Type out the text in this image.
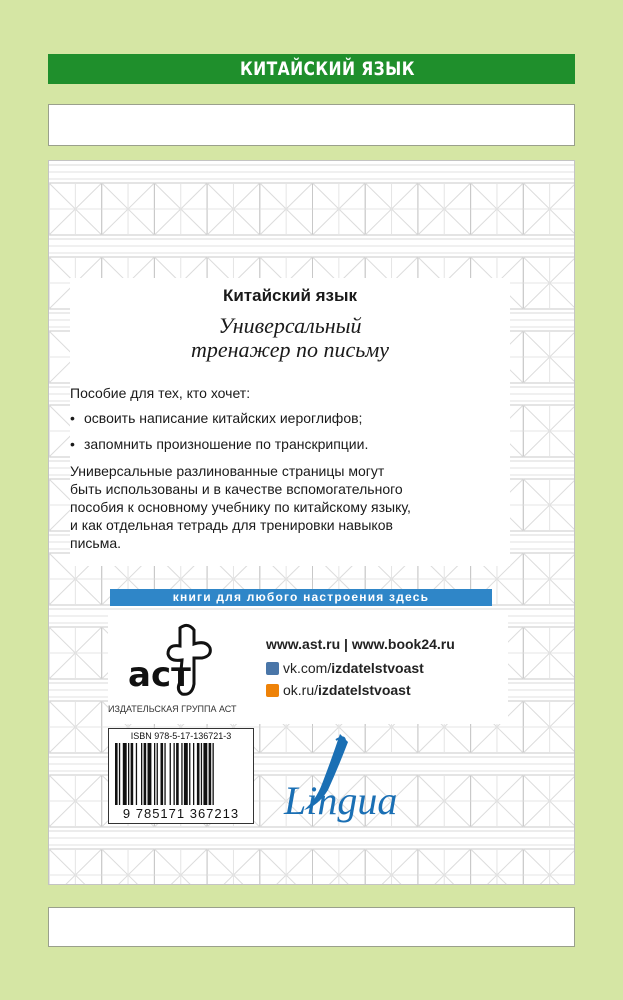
КИТАЙСКИЙ ЯЗЫК
Китайский язык
Универсальный
тренажер по письму
Пособие для тех, кто хочет:
• освоить написание китайских иероглифов;
• запомнить произношение по транскрипции.
Универсальные разлинованные страницы могут
быть использованы и в качестве вспомогательного
пособия к основному учебнику по китайскому языку,
и как отдельная тетрадь для тренировки навыков
письма.
книги для любого настроения здесь
аст
ИЗДАТЕЛЬСКАЯ ГРУППА АСТ
www.ast.ru | www.book24.ru
vk.com/izdatelstvoast
ok.ru/izdatelstvoast
ISBN 978-5-17-136721-3
9 785171 367213	Lingua
